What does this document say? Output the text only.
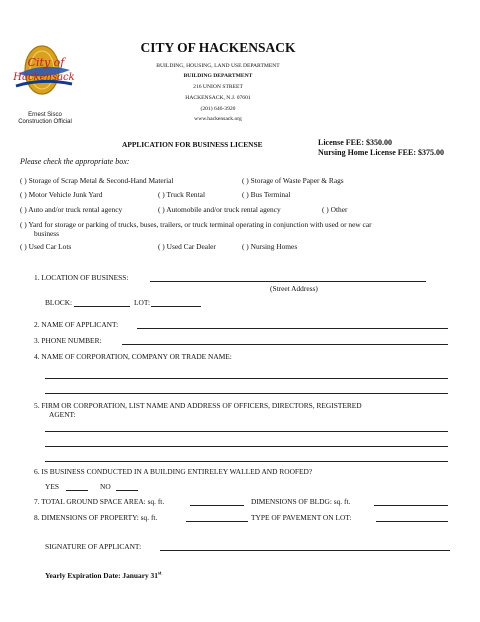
City of
Hackensack
Ernest Sisco
Construction Official
CITY OF HACKENSACK
BUILDING, HOUSING, LAND USE DEPARTMENT
BUILDING DEPARTMENT
216 UNION STREET
HACKENSACK, N.J. 07601
(201) 646-3920
www.hackensack.org
APPLICATION FOR BUSINESS LICENSE	License FEE: $350.00
Nursing Home License FEE: $375.00
Please check the appropriate box:
( ) Storage of Scrap Metal & Second-Hand Material	( ) Storage of Waste Paper & Rags
( ) Motor Vehicle Junk Yard	( ) Truck Rental	( ) Bus Terminal
( ) Auto and/or truck rental agency	( ) Automobile and/or truck rental agency	( ) Other
( ) Yard for storage or parking of trucks, buses, trailers, or truck terminal operating in conjunction with used or new car
business
( ) Used Car Lots	( ) Used Car Dealer	( ) Nursing Homes
1. LOCATION OF BUSINESS:
(Street Address)
BLOCK:	LOT:
2. NAME OF APPLICANT:
3. PHONE NUMBER:
4. NAME OF CORPORATION, COMPANY OR TRADE NAME:
5. FIRM OR CORPORATION, LIST NAME AND ADDRESS OF OFFICERS, DIRECTORS, REGISTERED
AGENT:
6. IS BUSINESS CONDUCTED IN A BUILDING ENTIRELEY WALLED AND ROOFED?
YES	NO
7. TOTAL GROUND SPACE AREA: sq. ft.	DIMENSIONS OF BLDG: sq. ft.
8. DIMENSIONS OF PROPERTY: sq. ft.	TYPE OF PAVEMENT ON LOT:
SIGNATURE OF APPLICANT:
Yearly Expiration Date: January 31st
